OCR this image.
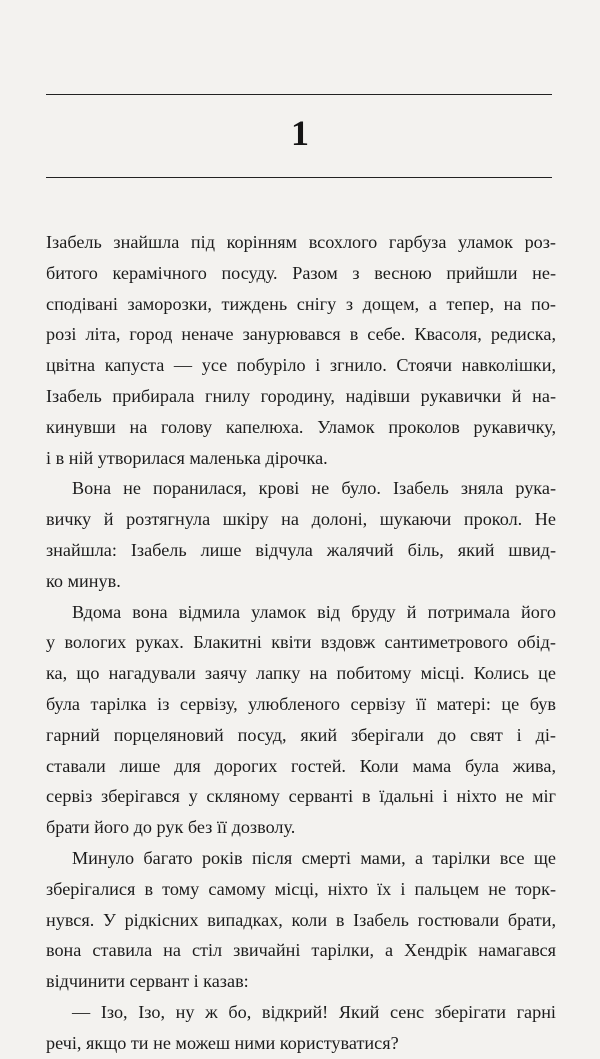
1
Ізабель знайшла під корінням всохлого гарбуза уламок роз-
битого керамічного посуду. Разом з весною прийшли не-
сподівані заморозки, тиждень снігу з дощем, а тепер, на по-
розі літа, город неначе занурювався в себе. Квасоля, редиска,
цвітна капуста — усе побуріло і згнило. Стоячи навколішки,
Ізабель прибирала гнилу городину, надівши рукавички й на-
кинувши на голову капелюха. Уламок проколов рукавичку,
і в ній утворилася маленька дірочка.
Вона не поранилася, крові не було. Ізабель зняла рука-
вичку й розтягнула шкіру на долоні, шукаючи прокол. Не
знайшла: Ізабель лише відчула жалячий біль, який швид-
ко минув.
Вдома вона відмила уламок від бруду й потримала його
у вологих руках. Блакитні квіти вздовж сантиметрового обід-
ка, що нагадували заячу лапку на побитому місці. Колись це
була тарілка із сервізу, улюбленого сервізу її матері: це був
гарний порцеляновий посуд, який зберігали до свят і ді-
ставали лише для дорогих гостей. Коли мама була жива,
сервіз зберігався у скляному серванті в їдальні і ніхто не міг
брати його до рук без її дозволу.
Минуло багато років після смерті мами, а тарілки все ще
зберігалися в тому самому місці, ніхто їх і пальцем не торк-
нувся. У рідкісних випадках, коли в Ізабель гостювали брати,
вона ставила на стіл звичайні тарілки, а Хендрік намагався
відчинити сервант і казав:
— Ізо, Ізо, ну ж бо, відкрий! Який сенс зберігати гарні
речі, якщо ти не можеш ними користуватися?
